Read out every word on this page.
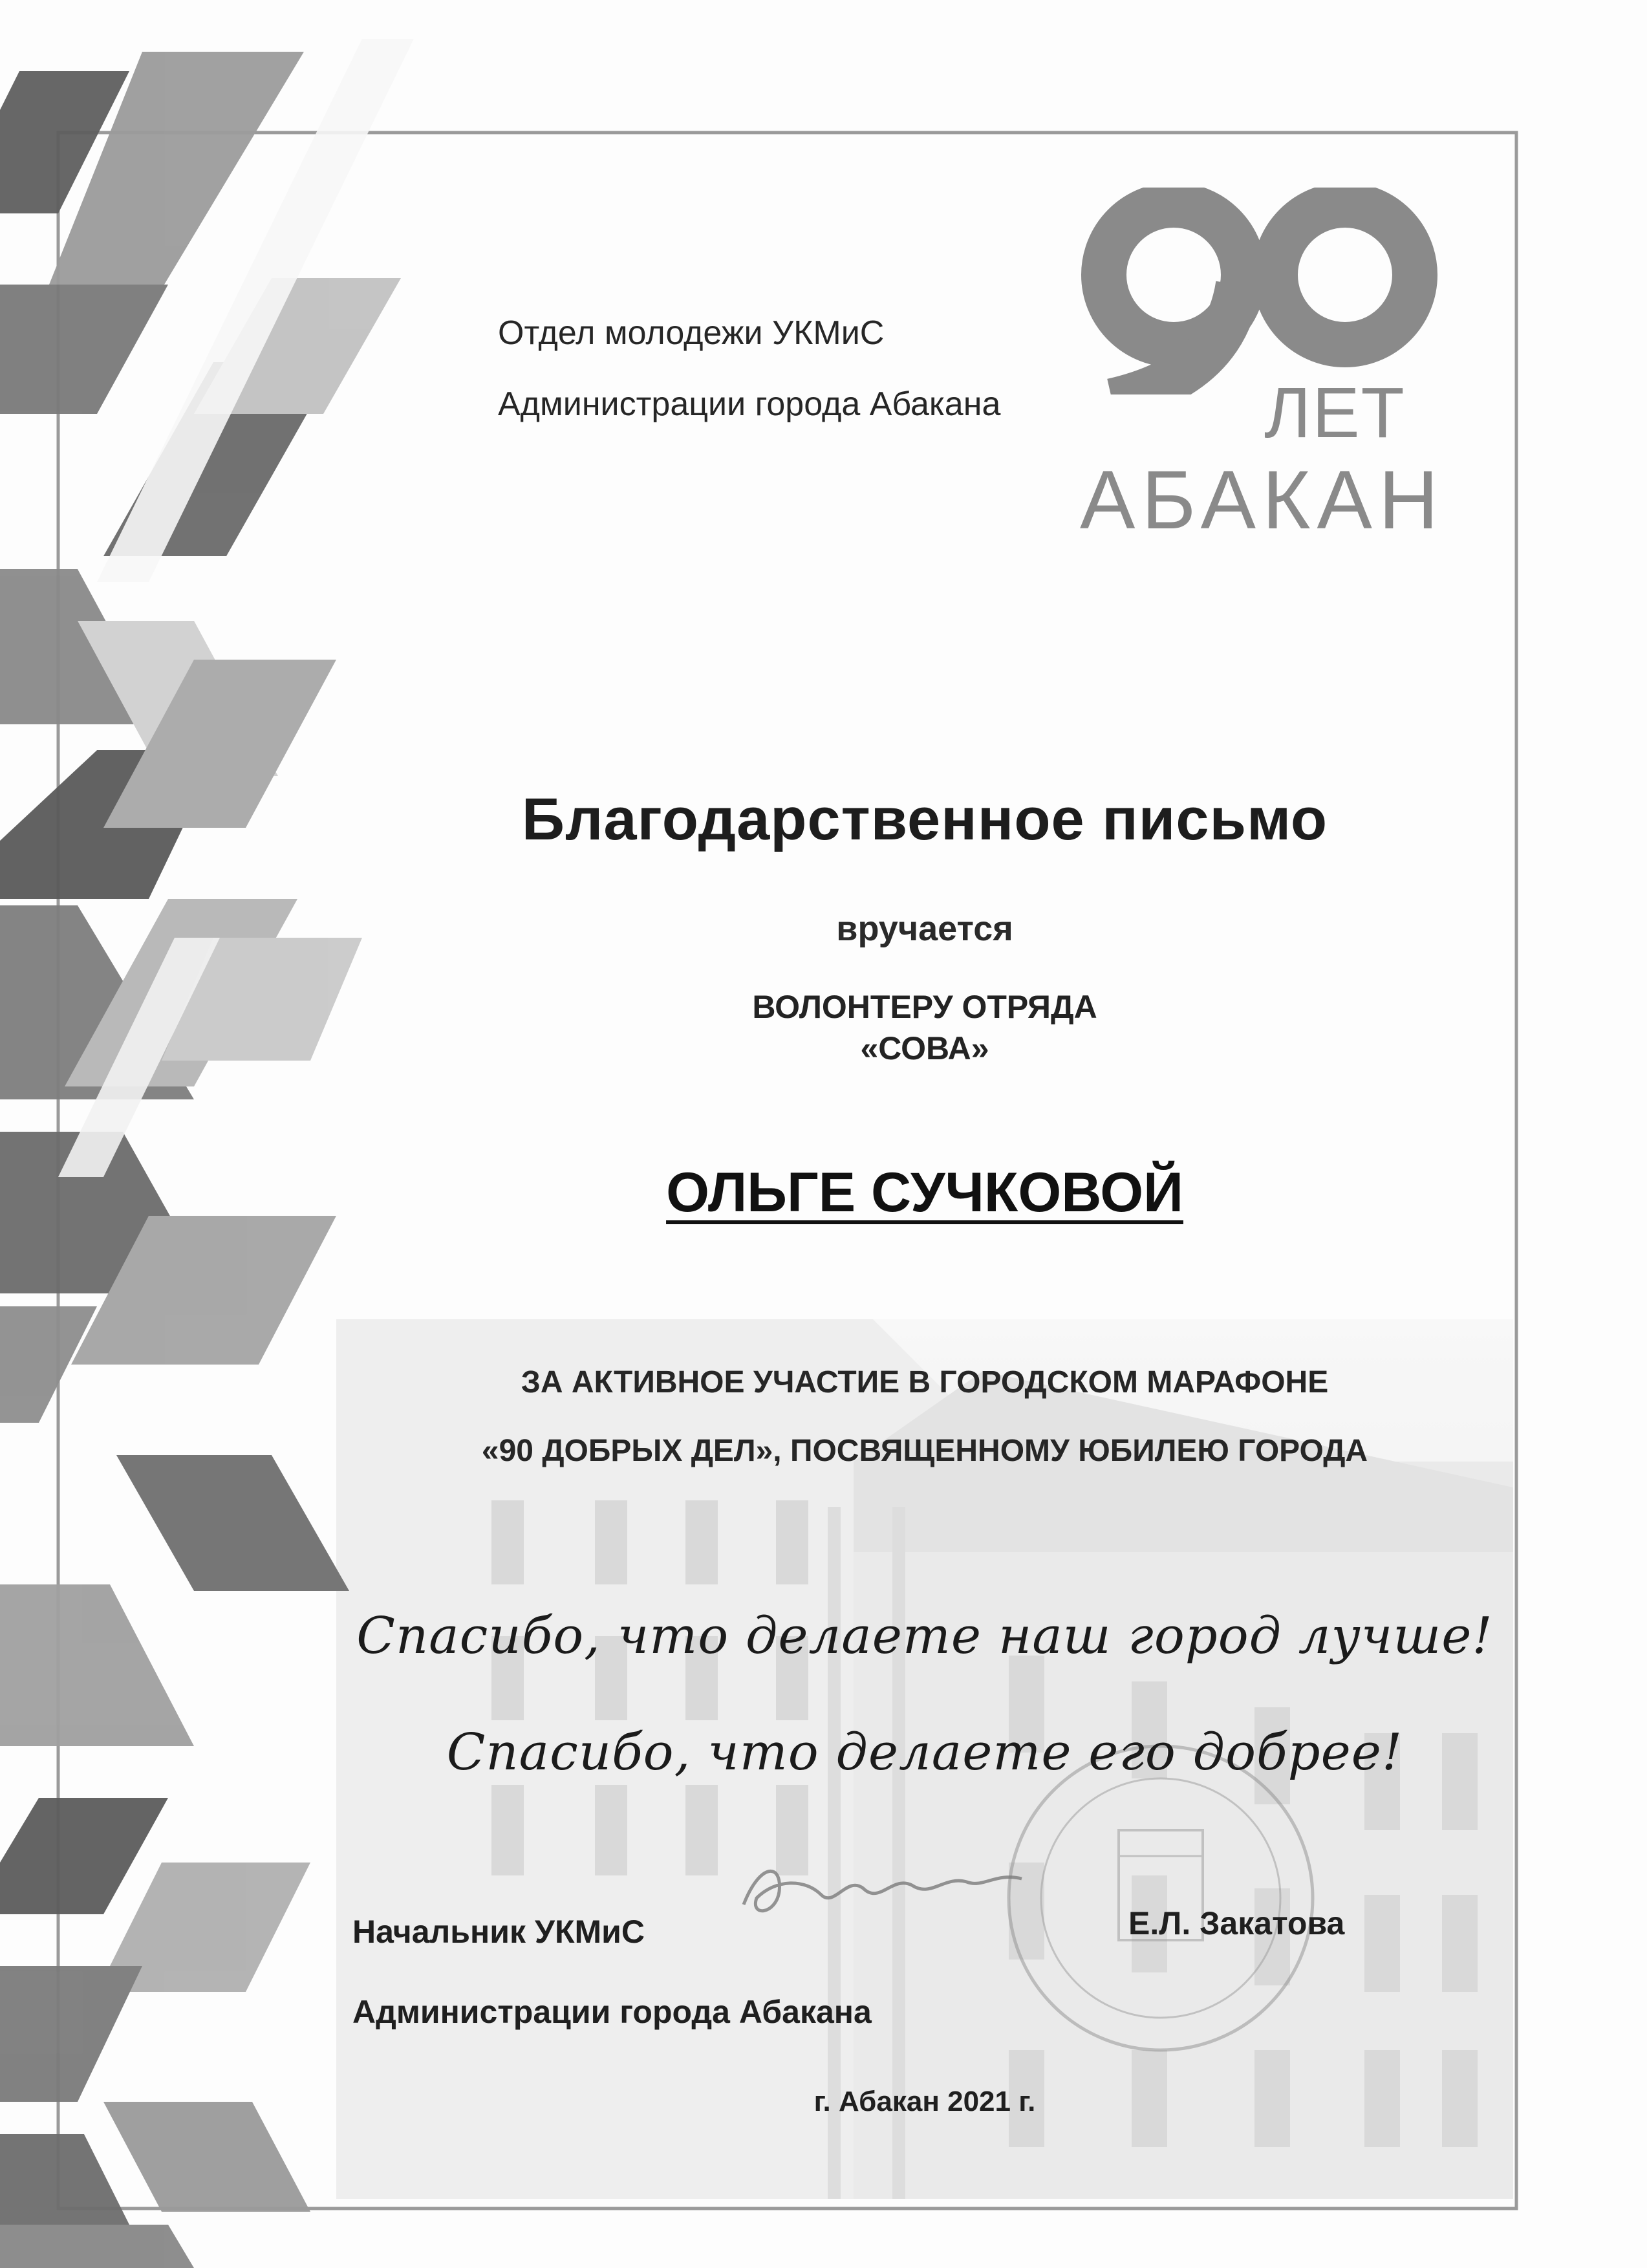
ЛЕТ
АБАКАН
Отдел молодежи УКМиС
Администрации города Абакана
Благодарственное письмо
вручается
ВОЛОНТЕРУ ОТРЯДА
«СОВА»
ОЛЬГЕ СУЧКОВОЙ
ЗА АКТИВНОЕ УЧАСТИЕ В ГОРОДСКОМ МАРАФОНЕ
«90 ДОБРЫХ ДЕЛ», ПОСВЯЩЕННОМУ ЮБИЛЕЮ ГОРОДА
Спасибо, что делаете наш город лучше!
Спасибо, что делаете его добрее!
Начальник УКМиС
Администрации города Абакана
Е.Л. Закатова
г. Абакан 2021 г.
